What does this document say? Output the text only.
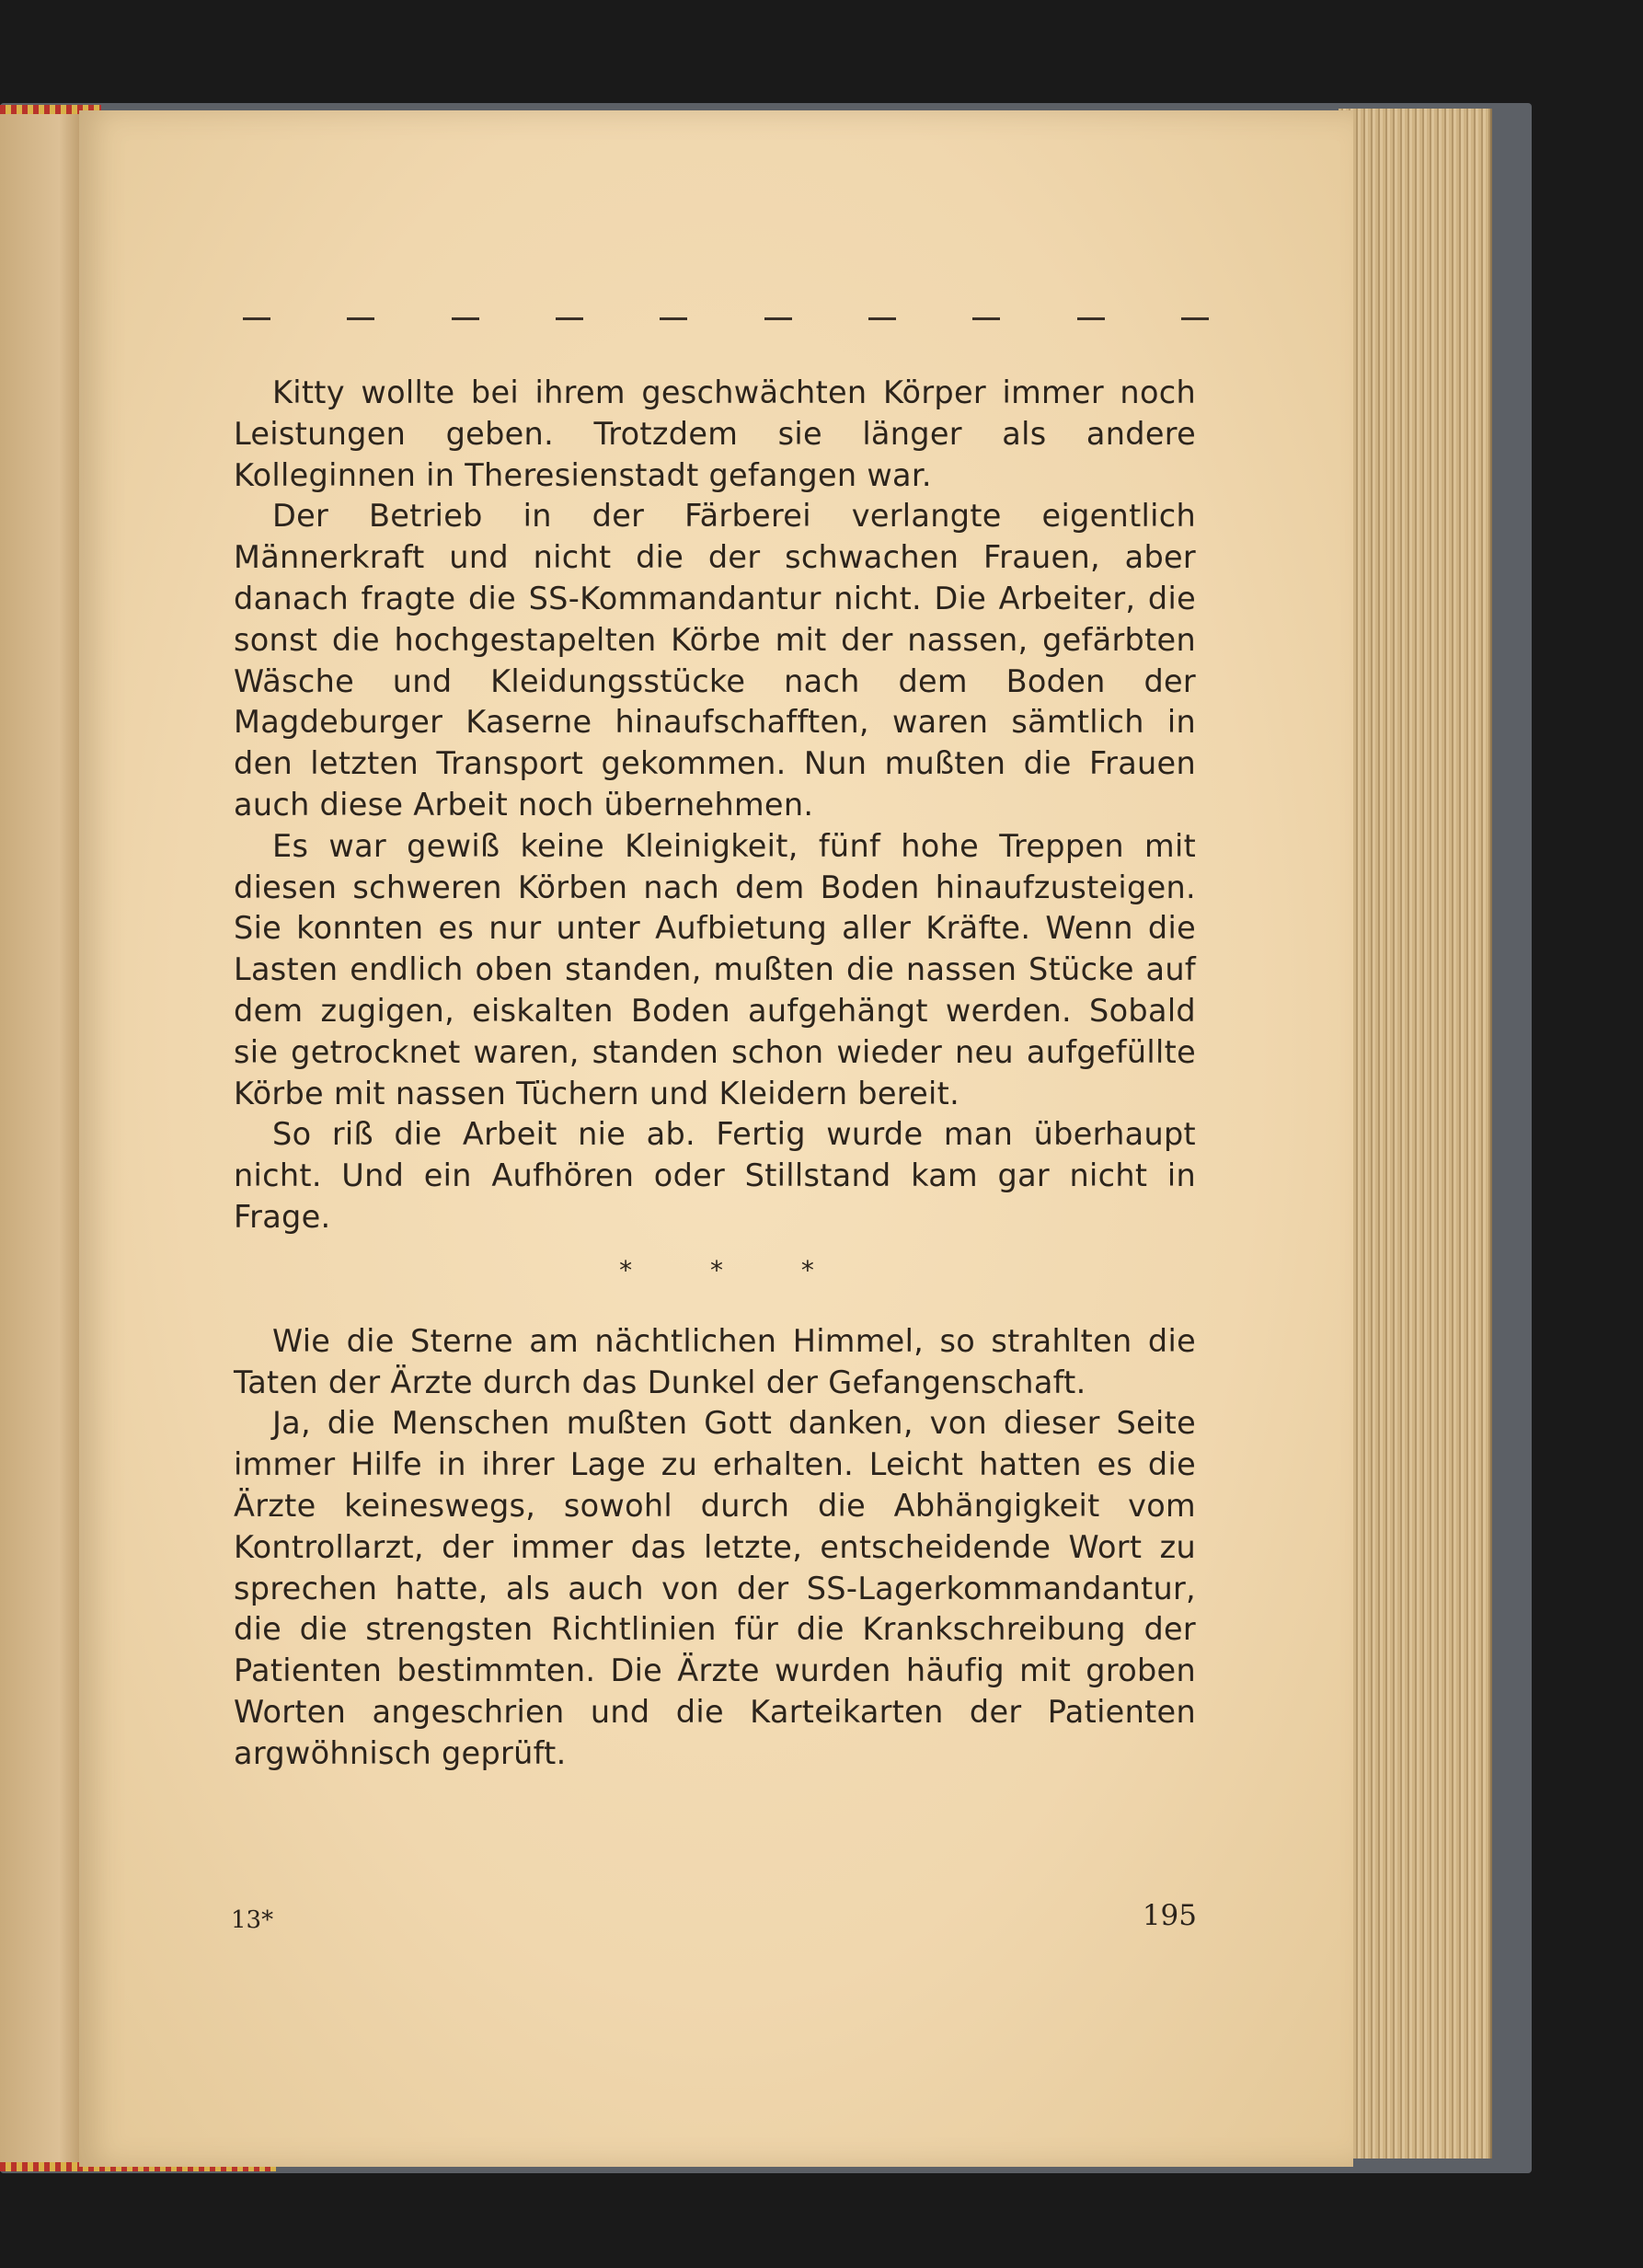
Kitty wollte bei ihrem geschwächten Körper immer noch Leistungen geben. Trotzdem sie länger als andere Kolleginnen in Theresienstadt gefangen war.

Der Betrieb in der Färberei verlangte eigentlich Männerkraft und nicht die der schwachen Frauen, aber danach fragte die SS-Kommandantur nicht. Die Arbeiter, die sonst die hochgestapelten Körbe mit der nassen, gefärbten Wäsche und Kleidungsstücke nach dem Boden der Magdeburger Kaserne hinaufschafften, waren sämtlich in den letzten Transport gekommen. Nun mußten die Frauen auch diese Arbeit noch übernehmen.

Es war gewiß keine Kleinigkeit, fünf hohe Treppen mit diesen schweren Körben nach dem Boden hinaufzusteigen. Sie konnten es nur unter Aufbietung aller Kräfte. Wenn die Lasten endlich oben standen, mußten die nassen Stücke auf dem zugigen, eiskalten Boden aufgehängt werden. Sobald sie getrocknet waren, standen schon wieder neu aufgefüllte Körbe mit nassen Tüchern und Kleidern bereit.

So riß die Arbeit nie ab. Fertig wurde man überhaupt nicht. Und ein Aufhören oder Stillstand kam gar nicht in Frage.

* * *

Wie die Sterne am nächtlichen Himmel, so strahlten die Taten der Ärzte durch das Dunkel der Gefangenschaft.

Ja, die Menschen mußten Gott danken, von dieser Seite immer Hilfe in ihrer Lage zu erhalten. Leicht hatten es die Ärzte keineswegs, sowohl durch die Abhängigkeit vom Kontrollarzt, der immer das letzte, entscheidende Wort zu sprechen hatte, als auch von der SS-Lagerkommandantur, die die strengsten Richtlinien für die Krankschreibung der Patienten bestimmten. Die Ärzte wurden häufig mit groben Worten angeschrien und die Karteikarten der Patienten argwöhnisch geprüft.

13*	195
